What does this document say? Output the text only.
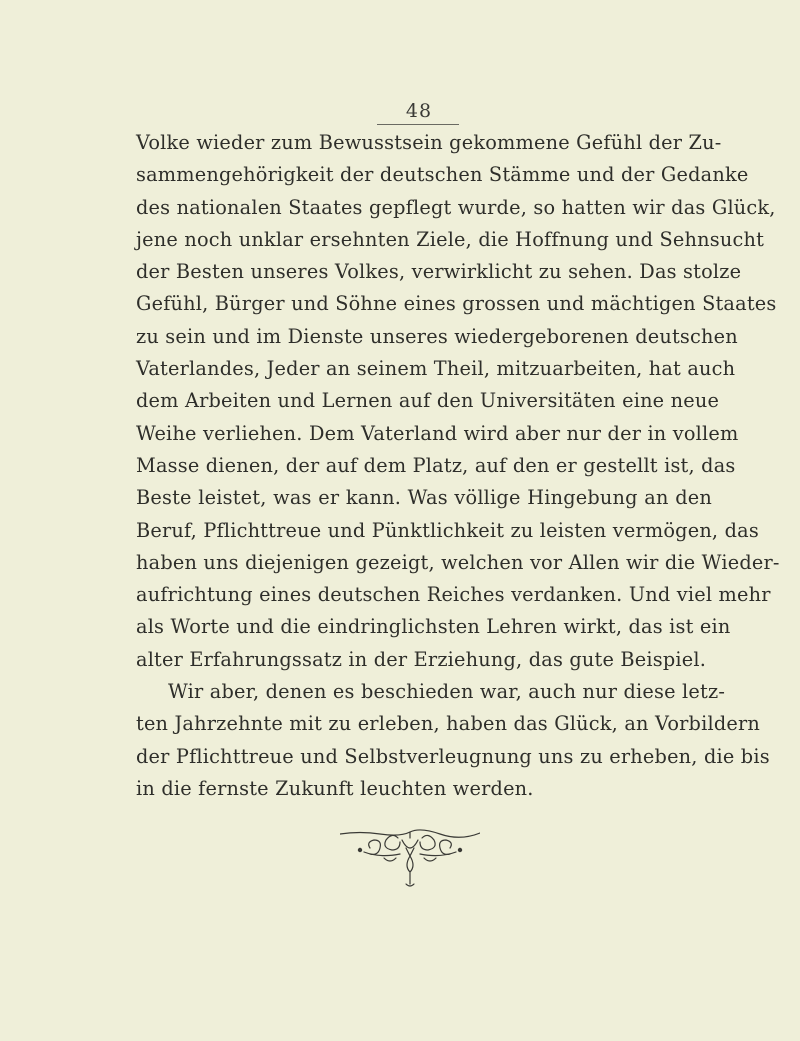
48
Volke wieder zum Bewusstsein gekommene Gefühl der Zu-
sammengehörigkeit der deutschen Stämme und der Gedanke
des nationalen Staates gepflegt wurde, so hatten wir das Glück,
jene noch unklar ersehnten Ziele, die Hoffnung und Sehnsucht
der Besten unseres Volkes, verwirklicht zu sehen. Das stolze
Gefühl, Bürger und Söhne eines grossen und mächtigen Staates
zu sein und im Dienste unseres wiedergeborenen deutschen
Vaterlandes, Jeder an seinem Theil, mitzuarbeiten, hat auch
dem Arbeiten und Lernen auf den Universitäten eine neue
Weihe verliehen. Dem Vaterland wird aber nur der in vollem
Masse dienen, der auf dem Platz, auf den er gestellt ist, das
Beste leistet, was er kann. Was völlige Hingebung an den
Beruf, Pflichttreue und Pünktlichkeit zu leisten vermögen, das
haben uns diejenigen gezeigt, welchen vor Allen wir die Wieder-
aufrichtung eines deutschen Reiches verdanken. Und viel mehr
als Worte und die eindringlichsten Lehren wirkt, das ist ein
alter Erfahrungssatz in der Erziehung, das gute Beispiel.
Wir aber, denen es beschieden war, auch nur diese letz-
ten Jahrzehnte mit zu erleben, haben das Glück, an Vorbildern
der Pflichttreue und Selbstverleugnung uns zu erheben, die bis
in die fernste Zukunft leuchten werden.
